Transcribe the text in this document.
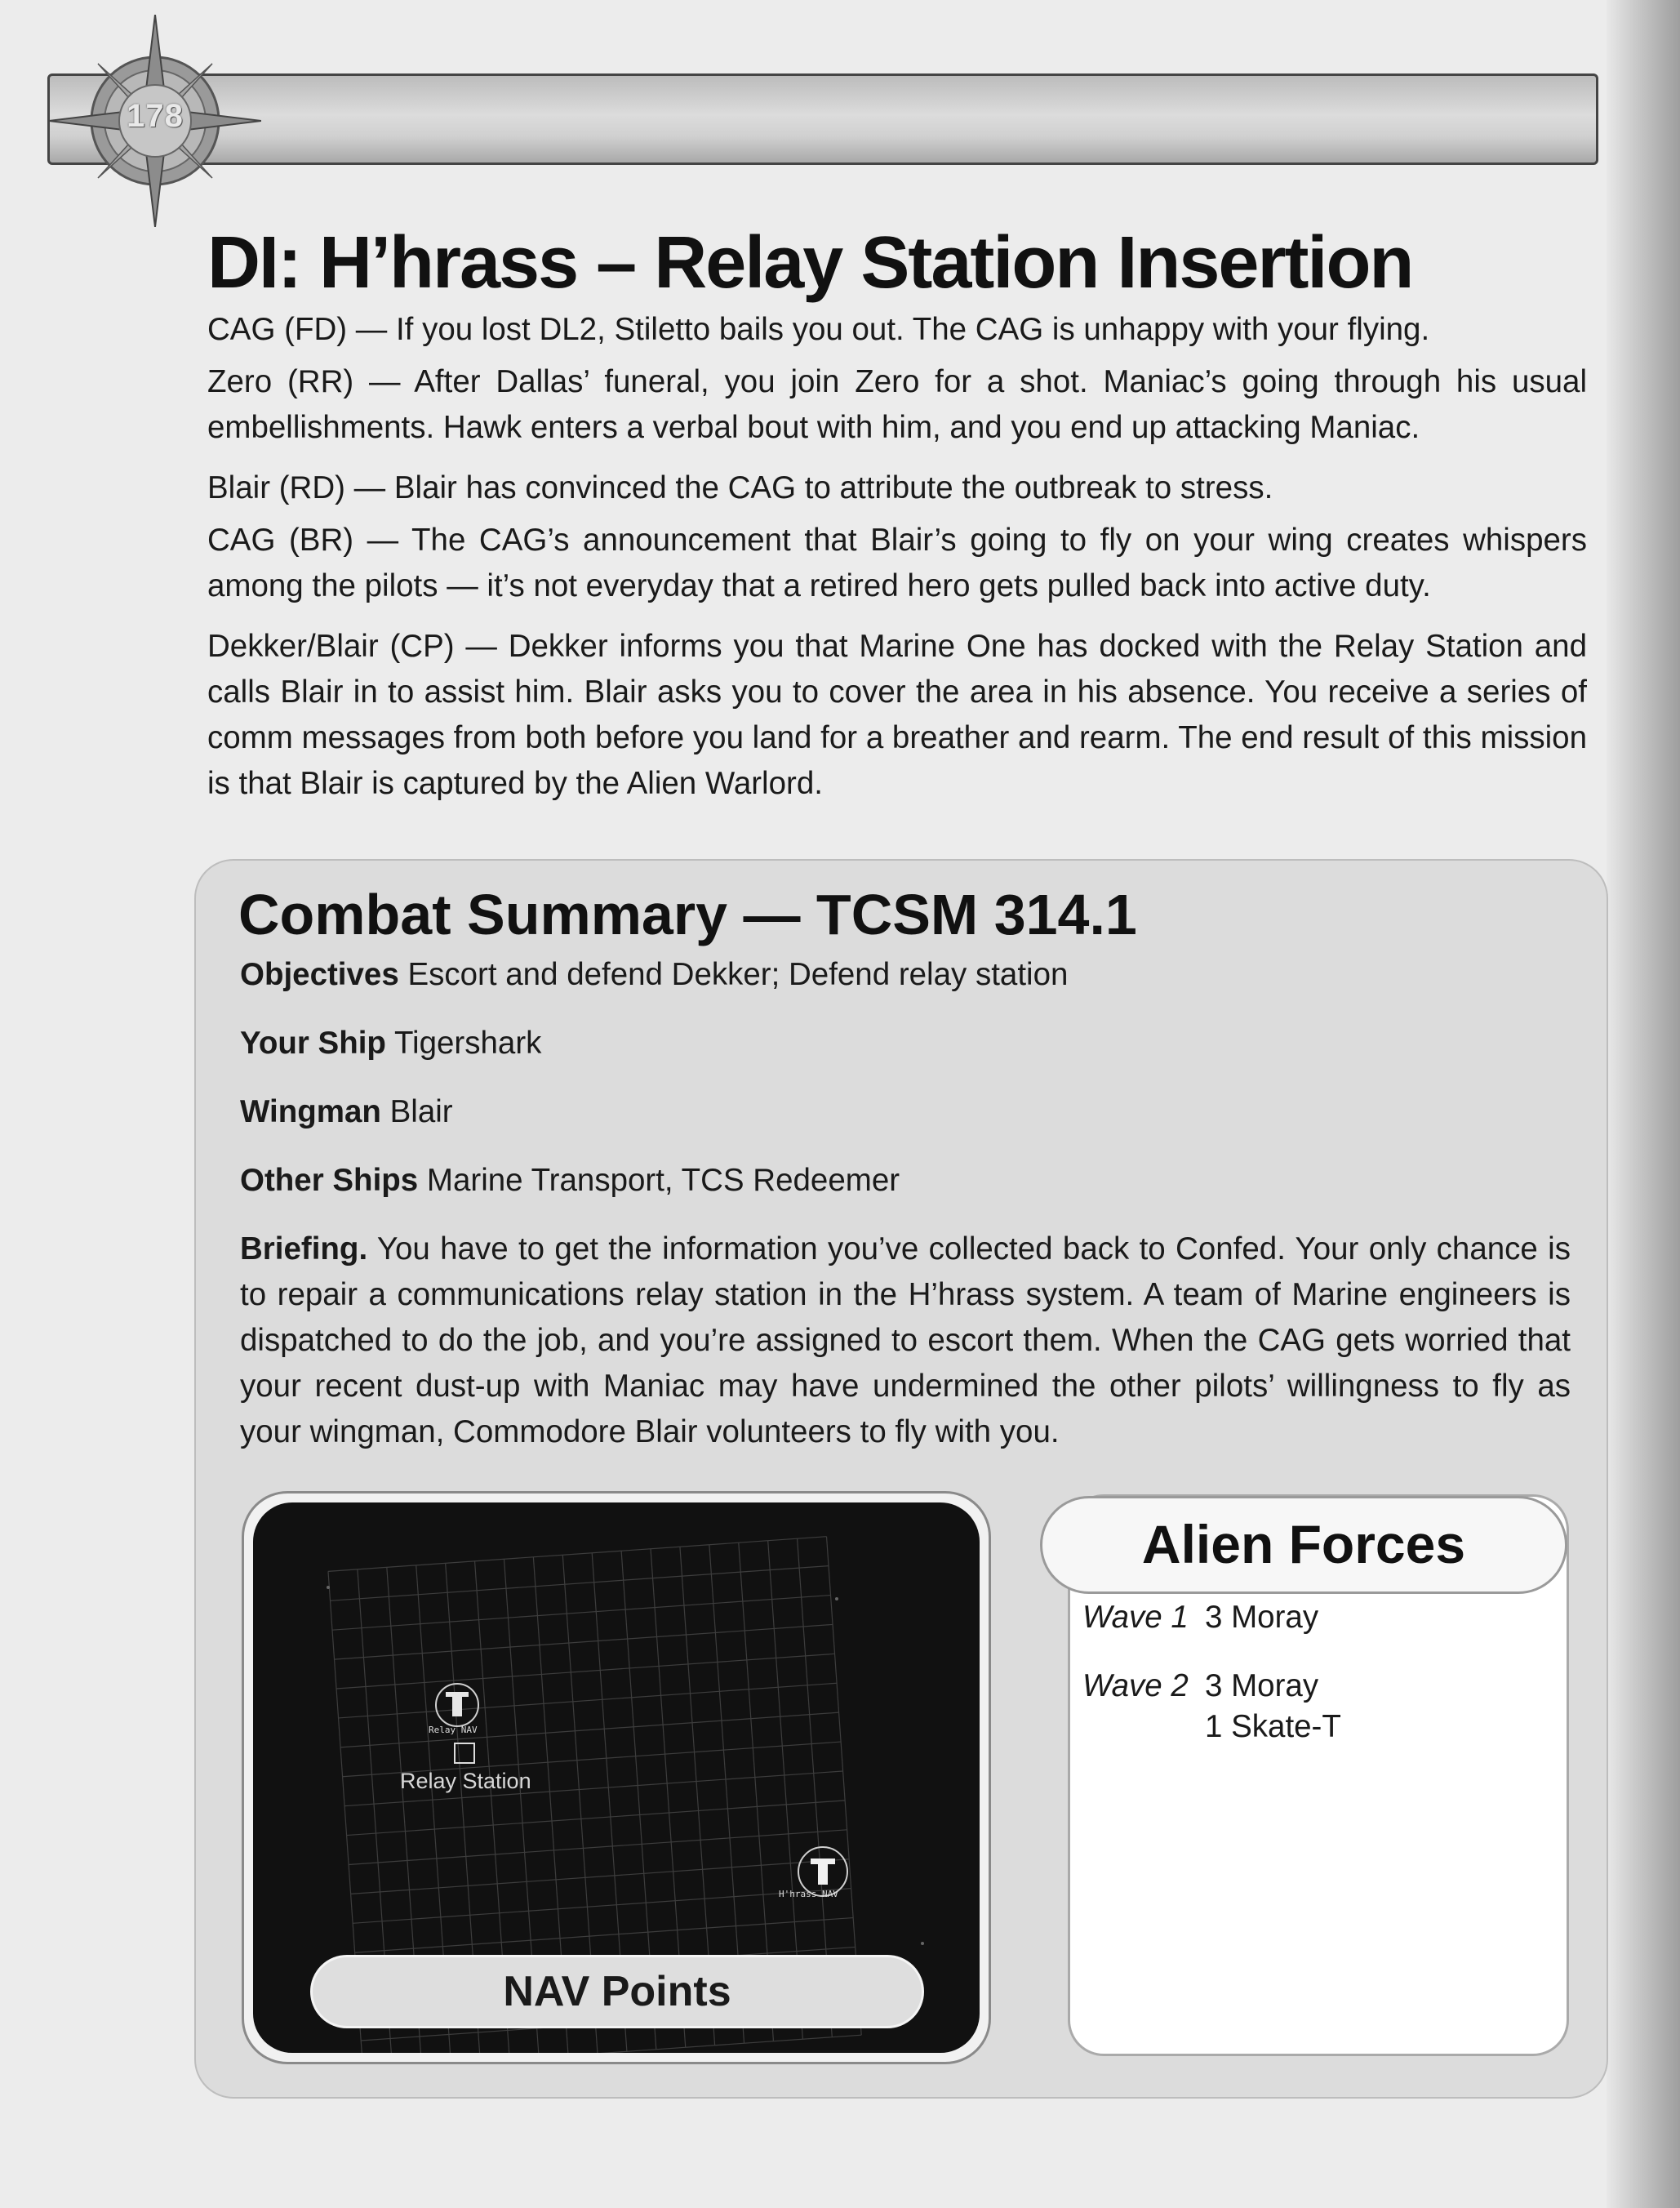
178
DI: H’hrass – Relay Station Insertion

CAG (FD) — If you lost DL2, Stiletto bails you out. The CAG is unhappy with your flying.

Zero (RR) — After Dallas’ funeral, you join Zero for a shot. Maniac’s going through his usual embellishments. Hawk enters a verbal bout with him, and you end up attacking Maniac.

Blair (RD) — Blair has convinced the CAG to attribute the outbreak to stress.

CAG (BR) — The CAG’s announcement that Blair’s going to fly on your wing creates whispers among the pilots — it’s not everyday that a retired hero gets pulled back into active duty.

Dekker/Blair (CP) — Dekker informs you that Marine One has docked with the Relay Station and calls Blair in to assist him. Blair asks you to cover the area in his absence. You receive a series of comm messages from both before you land for a breather and rearm. The end result of this mission is that Blair is captured by the Alien Warlord.

Combat Summary — TCSM 314.1
Objectives Escort and defend Dekker; Defend relay station
Your Ship Tigershark
Wingman Blair
Other Ships Marine Transport, TCS Redeemer
Briefing. You have to get the information you’ve collected back to Confed. Your only chance is to repair a communications relay station in the H’hrass system. A team of Marine engineers is dispatched to do the job, and you’re assigned to escort them. When the CAG gets worried that your recent dust-up with Maniac may have undermined the other pilots’ willingness to fly as your wingman, Commodore Blair volunteers to fly with you.
Relay NAV
H'hrass NAV
Relay Station
NAV Points
Alien Forces
Wave 1 3 Moray
Wave 2 3 Moray
1 Skate-T
